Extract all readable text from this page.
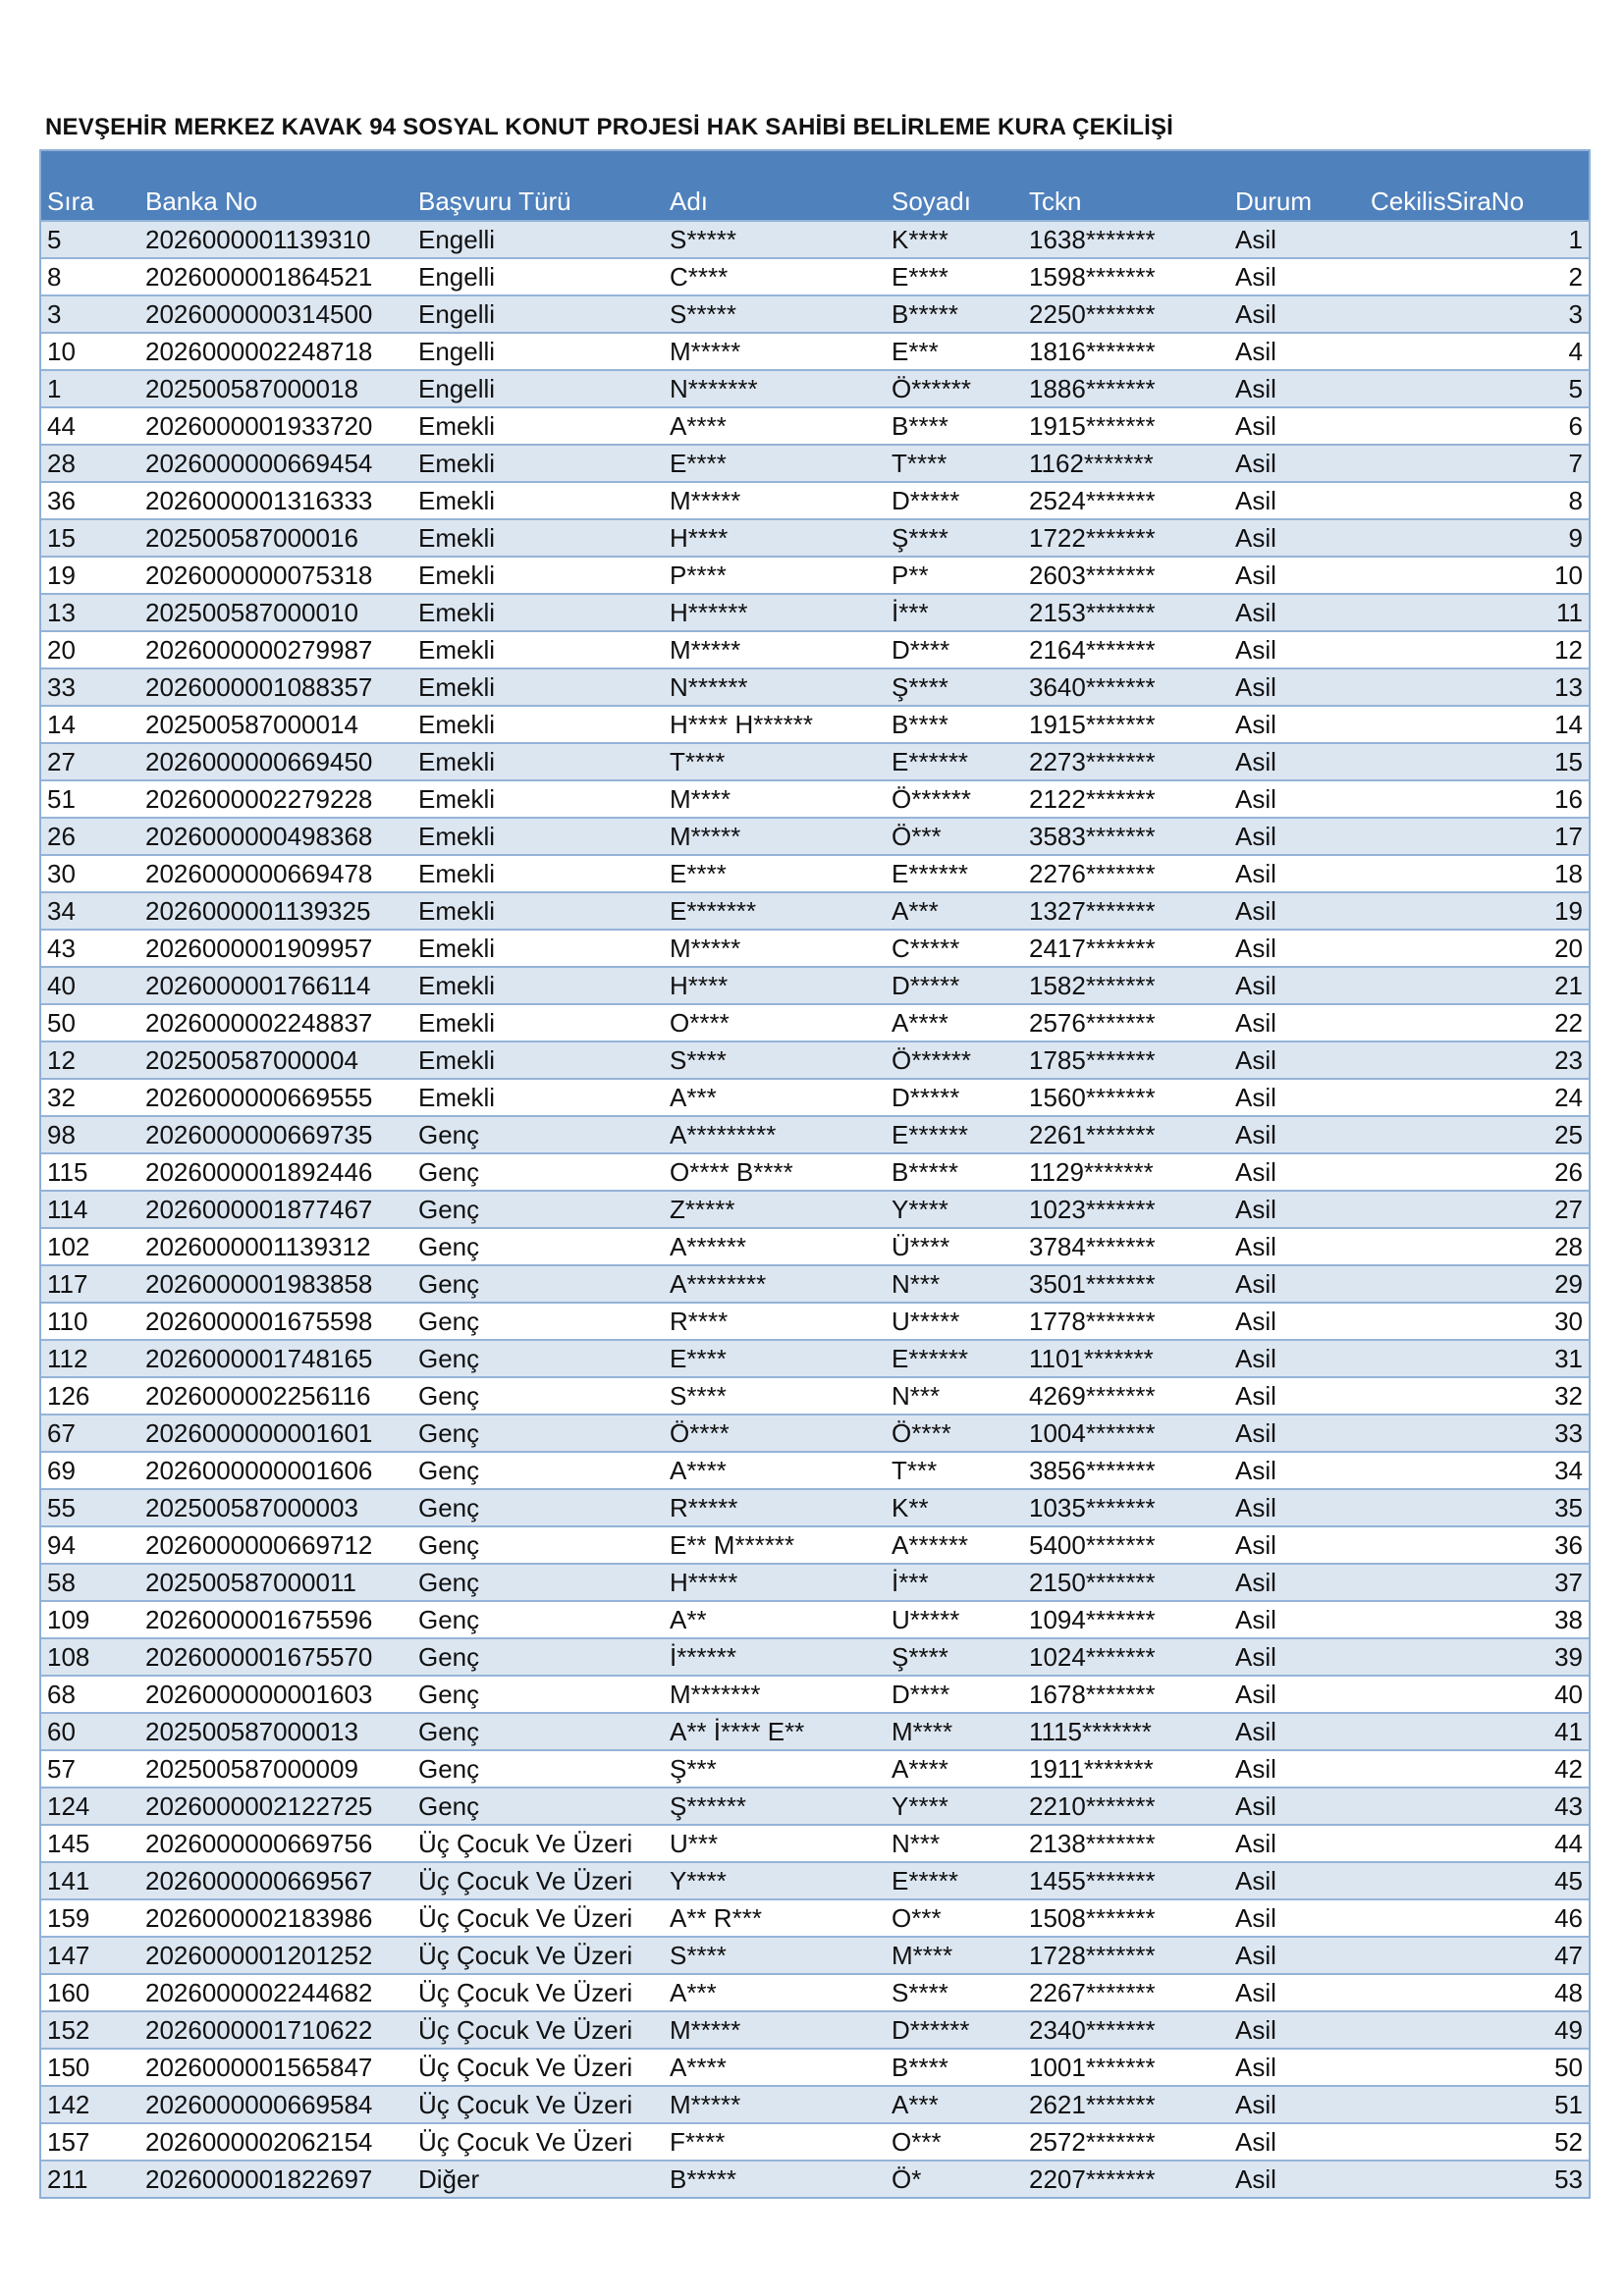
NEVŞEHİR MERKEZ KAVAK 94 SOSYAL KONUT PROJESİ HAK SAHİBİ BELİRLEME KURA ÇEKİLİŞİ
Sıra	Banka No	Başvuru Türü	Adı	Soyadı	Tckn	Durum	CekilisSiraNo
5	2026000001139310	Engelli	S*****	K****	1638*******	Asil	1
8	2026000001864521	Engelli	C****	E****	1598*******	Asil	2
3	2026000000314500	Engelli	S*****	B*****	2250*******	Asil	3
10	2026000002248718	Engelli	M*****	E***	1816*******	Asil	4
1	202500587000018	Engelli	N*******	Ö******	1886*******	Asil	5
44	2026000001933720	Emekli	A****	B****	1915*******	Asil	6
28	2026000000669454	Emekli	E****	T****	1162*******	Asil	7
36	2026000001316333	Emekli	M*****	D*****	2524*******	Asil	8
15	202500587000016	Emekli	H****	Ş****	1722*******	Asil	9
19	2026000000075318	Emekli	P****	P**	2603*******	Asil	10
13	202500587000010	Emekli	H******	İ***	2153*******	Asil	11
20	2026000000279987	Emekli	M*****	D****	2164*******	Asil	12
33	2026000001088357	Emekli	N******	Ş****	3640*******	Asil	13
14	202500587000014	Emekli	H**** H******	B****	1915*******	Asil	14
27	2026000000669450	Emekli	T****	E******	2273*******	Asil	15
51	2026000002279228	Emekli	M****	Ö******	2122*******	Asil	16
26	2026000000498368	Emekli	M*****	Ö***	3583*******	Asil	17
30	2026000000669478	Emekli	E****	E******	2276*******	Asil	18
34	2026000001139325	Emekli	E*******	A***	1327*******	Asil	19
43	2026000001909957	Emekli	M*****	C*****	2417*******	Asil	20
40	2026000001766114	Emekli	H****	D*****	1582*******	Asil	21
50	2026000002248837	Emekli	O****	A****	2576*******	Asil	22
12	202500587000004	Emekli	S****	Ö******	1785*******	Asil	23
32	2026000000669555	Emekli	A***	D*****	1560*******	Asil	24
98	2026000000669735	Genç	A*********	E******	2261*******	Asil	25
115	2026000001892446	Genç	O**** B****	B*****	1129*******	Asil	26
114	2026000001877467	Genç	Z*****	Y****	1023*******	Asil	27
102	2026000001139312	Genç	A******	Ü****	3784*******	Asil	28
117	2026000001983858	Genç	A********	N***	3501*******	Asil	29
110	2026000001675598	Genç	R****	U*****	1778*******	Asil	30
112	2026000001748165	Genç	E****	E******	1101*******	Asil	31
126	2026000002256116	Genç	S****	N***	4269*******	Asil	32
67	2026000000001601	Genç	Ö****	Ö****	1004*******	Asil	33
69	2026000000001606	Genç	A****	T***	3856*******	Asil	34
55	202500587000003	Genç	R*****	K**	1035*******	Asil	35
94	2026000000669712	Genç	E** M******	A******	5400*******	Asil	36
58	202500587000011	Genç	H*****	İ***	2150*******	Asil	37
109	2026000001675596	Genç	A**	U*****	1094*******	Asil	38
108	2026000001675570	Genç	İ******	Ş****	1024*******	Asil	39
68	2026000000001603	Genç	M*******	D****	1678*******	Asil	40
60	202500587000013	Genç	A** İ**** E**	M****	1115*******	Asil	41
57	202500587000009	Genç	Ş***	A****	1911*******	Asil	42
124	2026000002122725	Genç	Ş******	Y****	2210*******	Asil	43
145	2026000000669756	Üç Çocuk Ve Üzeri	U***	N***	2138*******	Asil	44
141	2026000000669567	Üç Çocuk Ve Üzeri	Y****	E*****	1455*******	Asil	45
159	2026000002183986	Üç Çocuk Ve Üzeri	A** R***	O***	1508*******	Asil	46
147	2026000001201252	Üç Çocuk Ve Üzeri	S****	M****	1728*******	Asil	47
160	2026000002244682	Üç Çocuk Ve Üzeri	A***	S****	2267*******	Asil	48
152	2026000001710622	Üç Çocuk Ve Üzeri	M*****	D******	2340*******	Asil	49
150	2026000001565847	Üç Çocuk Ve Üzeri	A****	B****	1001*******	Asil	50
142	2026000000669584	Üç Çocuk Ve Üzeri	M*****	A***	2621*******	Asil	51
157	2026000002062154	Üç Çocuk Ve Üzeri	F****	O***	2572*******	Asil	52
211	2026000001822697	Diğer	B*****	Ö*	2207*******	Asil	53
